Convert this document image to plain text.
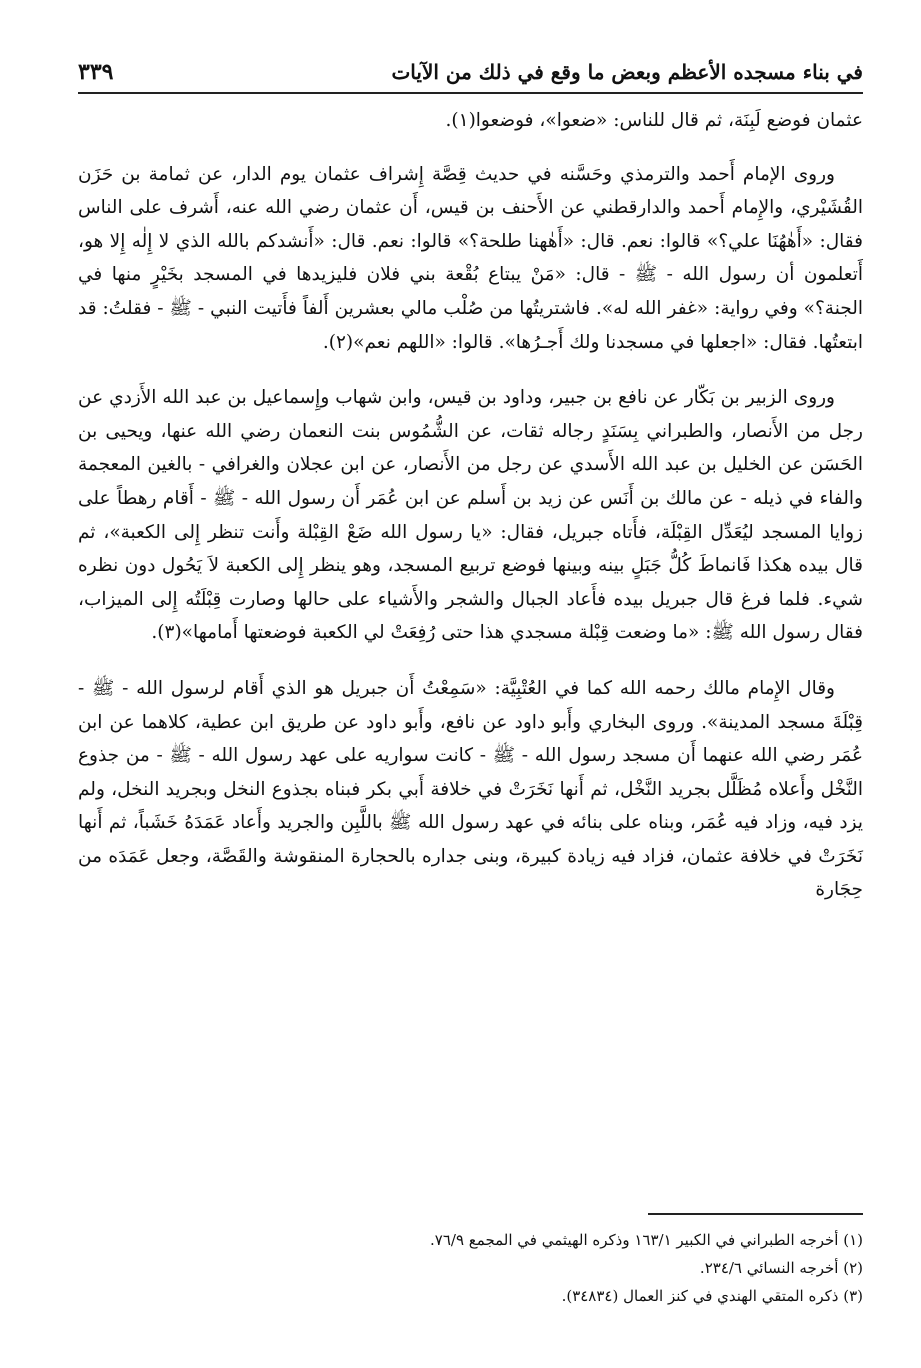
في بناء مسجده الأعظم وبعض ما وقع في ذلك من الآيات
٣٣٩

عثمان فوضع لَبِنَة، ثم قال للناس: «ضعوا»، فوضعوا(١).

وروى الإمام أَحمد والترمذي وحَسَّنه في حديث قِصَّة إِشراف عثمان يوم الدار، عن ثمامة بن حَزَن القُشَيْري، والإِمام أَحمد والدارقطني عن الأَحنف بن قيس، أَن عثمان رضي الله عنه، أَشرف على الناس فقال: «أَهٰهُنَا علي؟» قالوا: نعم. قال: «أَهٰهنا طلحة؟» قالوا: نعم. قال: «أَنشدكم بالله الذي لا إِلٰه إِلا هو، أَتعلمون أن رسول الله - ﷺ - قال: «مَنْ يبتاع بُقْعة بني فلان فليزيدها في المسجد بخَيْرٍ منها في الجنة؟» وفي رواية: «غفر الله له». فاشتريتُها من صُلْب مالي بعشرين أَلفاً فأَتيت النبي - ﷺ - فقلتُ: قد ابتعتُها. فقال: «اجعلها في مسجدنا ولك أَجـرُها». قالوا: «اللهم نعم»(٢).

وروى الزبير بن بَكّار عن نافع بن جبير، وداود بن قيس، وابن شهاب وإِسماعيل بن عبد الله الأَزدي عن رجل من الأَنصار، والطبراني بِسَنَدٍ رجاله ثقات، عن الشُّمُوس بنت النعمان رضي الله عنها، ويحيى بن الحَسَن عن الخليل بن عبد الله الأَسدي عن رجل من الأَنصار، عن ابن عجلان والغرافي - بالغين المعجمة والفاء في ذيله - عن مالك بن أَنَس عن زيد بن أَسلم عن ابن عُمَر أَن رسول الله - ﷺ - أَقام رهطاً على زوايا المسجد ليُعَدِّل القِبْلَة، فأَتاه جبريل، فقال: «يا رسول الله ضَعْ القِبْلة وأَنت تنظر إِلى الكعبة»، ثم قال بيده هكذا فَانماطَ كُلُّ جَبَلٍ بينه وبينها فوضع تربيع المسجد، وهو ينظر إِلى الكعبة لاَ يَحُول دون نظره شيء. فلما فرغ قال جبريل بيده فأَعاد الجبال والشجر والأَشياء على حالها وصارت قِبْلَتُه إِلى الميزاب، فقال رسول الله ﷺ: «ما وضعت قِبْلة مسجدي هذا حتى رُفِعَتْ لي الكعبة فوضعتها أَمامها»(٣).

وقال الإِمام مالك رحمه الله كما في العُتْبِيَّة: «سَمِعْتُ أَن جبريل هو الذي أَقام لرسول الله - ﷺ - قِبْلَةَ مسجد المدينة». وروى البخاري وأَبو داود عن نافع، وأَبو داود عن طريق ابن عطية، كلاهما عن ابن عُمَر رضي الله عنهما أَن مسجد رسول الله - ﷺ - كانت سواريه على عهد رسول الله - ﷺ - من جذوع النَّخْل وأَعلاه مُظَلَّل بجريد النَّخْل، ثم أَنها نَخَرَتْ في خلافة أَبي بكر فبناه بجذوع النخل وبجريد النخل، ولم يزد فيه، وزاد فيه عُمَر، وبناه على بنائه في عهد رسول الله ﷺ باللَّبِن والجريد وأَعاد عَمَدَهُ خَشَباً، ثم أَنها نَخَرَتْ في خلافة عثمان، فزاد فيه زيادة كبيرة، وبنى جداره بالحجارة المنقوشة والقَصَّة، وجعل عَمَدَه من حِجَارة

(١) أخرجه الطبراني في الكبير ١٦٣/١ وذكره الهيثمي في المجمع ٧٦/٩.
(٢) أخرجه النسائي ٢٣٤/٦.
(٣) ذكره المتقي الهندي في كنز العمال (٣٤٨٣٤).
